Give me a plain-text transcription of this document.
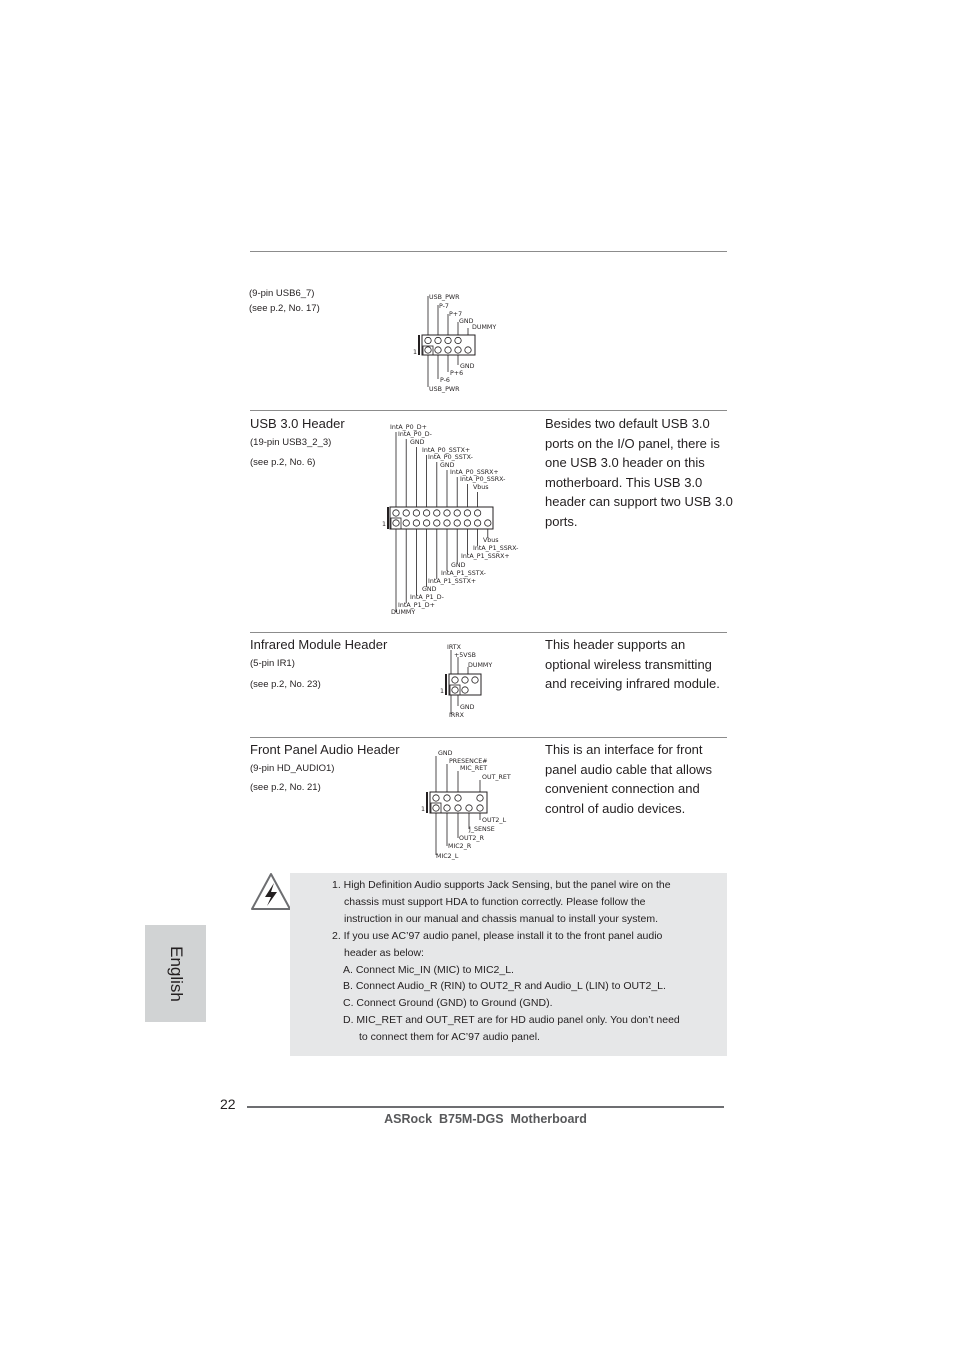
(9-pin USB6_7)
(see p.2, No. 17)
USB_PWR
P-7
P+7
GND
DUMMY
GND
P+6
P-6
USB_PWR
1
USB 3.0 Header
(19-pin USB3_2_3)
(see p.2, No. 6)
Besides two default USB 3.0
ports on the I/O panel, there is
one USB 3.0 header on this
motherboard. This USB 3.0
header can support two USB 3.0
ports.
1
IntA_P0_D+
IntA_P0_D-
GND
IntA_P0_SSTX+
IntA_P0_SSTX-
GND
IntA_P0_SSRX+
IntA_P0_SSRX-
Vbus
Vbus
IntA_P1_SSRX-
IntA_P1_SSRX+
GND
IntA_P1_SSTX-
IntA_P1_SSTX+
GND
IntA_P1_D-
IntA_P1_D+
DUMMY
Infrared Module Header
(5-pin IR1)
(see p.2, No. 23)
This header supports an
optional wireless transmitting
and receiving infrared module.
IRTX
+5VSB
DUMMY
GND
IRRX
1
Front Panel Audio Header
(9-pin HD_AUDIO1)
(see p.2, No. 21)
This is an interface for front
panel audio cable that allows
convenient connection and
control of audio devices.
GND
PRESENCE#
MIC_RET
OUT_RET
OUT2_L
J_SENSE
OUT2_R
MIC2_R
MIC2_L
1
1. High Definition Audio supports Jack Sensing, but the panel wire on the
chassis must support HDA to function correctly. Please follow the
instruction in our manual and chassis manual to install your system.
2. If you use AC’97 audio panel, please install it to the front panel audio
header as below:
A. Connect Mic_IN (MIC) to MIC2_L.
B. Connect Audio_R (RIN) to OUT2_R and Audio_L (LIN) to OUT2_L.
C. Connect Ground (GND) to Ground (GND).
D. MIC_RET and OUT_RET are for HD audio panel only. You don’t need
to connect them for AC’97 audio panel.
English
22
ASRock  B75M-DGS  Motherboard
